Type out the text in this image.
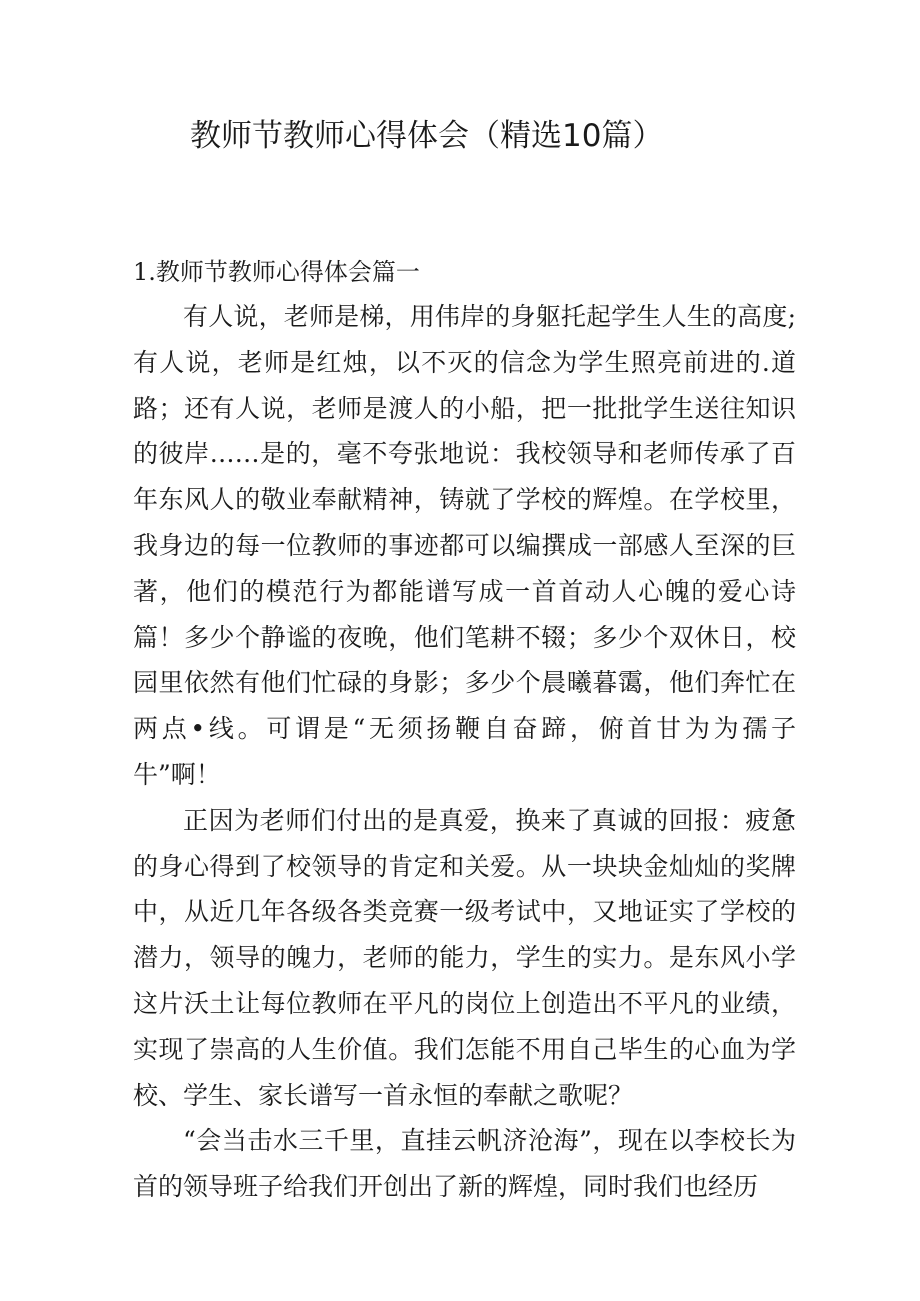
教师节教师心得体会（精选10篇）
1.教师节教师心得体会篇一

有人说，老师是梯，用伟岸的身躯托起学生人生的高度;有人说，老师是红烛，以不灭的信念为学生照亮前进的.道路；还有人说，老师是渡人的小船，把一批批学生送往知识的彼岸……是的，毫不夸张地说：我校领导和老师传承了百年东风人的敬业奉献精神，铸就了学校的辉煌。在学校里，我身边的每一位教师的事迹都可以编撰成一部感人至深的巨著，他们的模范行为都能谱写成一首首动人心魄的爱心诗篇！多少个静谧的夜晚，他们笔耕不辍；多少个双休日，校园里依然有他们忙碌的身影；多少个晨曦暮霭，他们奔忙在两点•线。可谓是“无须扬鞭自奋蹄，俯首甘为为孺子牛”啊！

正因为老师们付出的是真爱，换来了真诚的回报：疲惫的身心得到了校领导的肯定和关爱。从一块块金灿灿的奖牌中，从近几年各级各类竞赛一级考试中，又地证实了学校的潜力，领导的魄力，老师的能力，学生的实力。是东风小学这片沃土让每位教师在平凡的岗位上创造出不平凡的业绩，实现了崇高的人生价值。我们怎能不用自己毕生的心血为学校、学生、家长谱写一首永恒的奉献之歌呢？

“会当击水三千里，直挂云帆济沧海”，现在以李校长为首的领导班子给我们开创出了新的辉煌，同时我们也经历
